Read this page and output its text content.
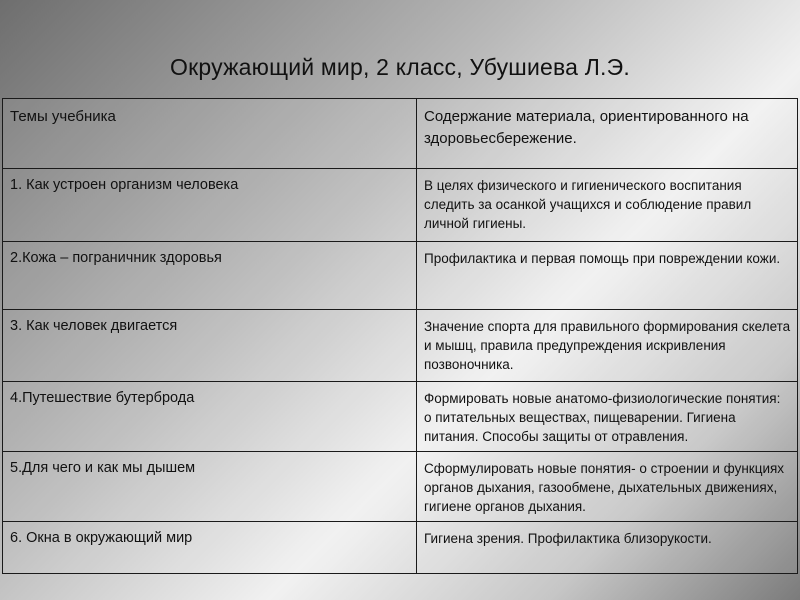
Окружающий мир, 2 класс, Убушиева Л.Э.
Темы учебника	Содержание материала, ориентированного на здоровьесбережение.
1. Как устроен организм человека	В целях физического и гигиенического воспитания следить за осанкой учащихся и соблюдение правил личной гигиены.
2.Кожа – пограничник здоровья	Профилактика и первая помощь при повреждении кожи.
3. Как человек двигается	Значение спорта для правильного формирования скелета и мышц, правила предупреждения искривления позвоночника.
4.Путешествие бутерброда	Формировать новые анатомо-физиологические понятия: о питательных веществах, пищеварении. Гигиена питания. Способы защиты от отравления.
5.Для чего и как мы дышем	Сформулировать новые понятия- о строении и функциях органов дыхания, газообмене, дыхательных движениях, гигиене органов дыхания.
6. Окна в окружающий мир	Гигиена зрения. Профилактика близорукости.
